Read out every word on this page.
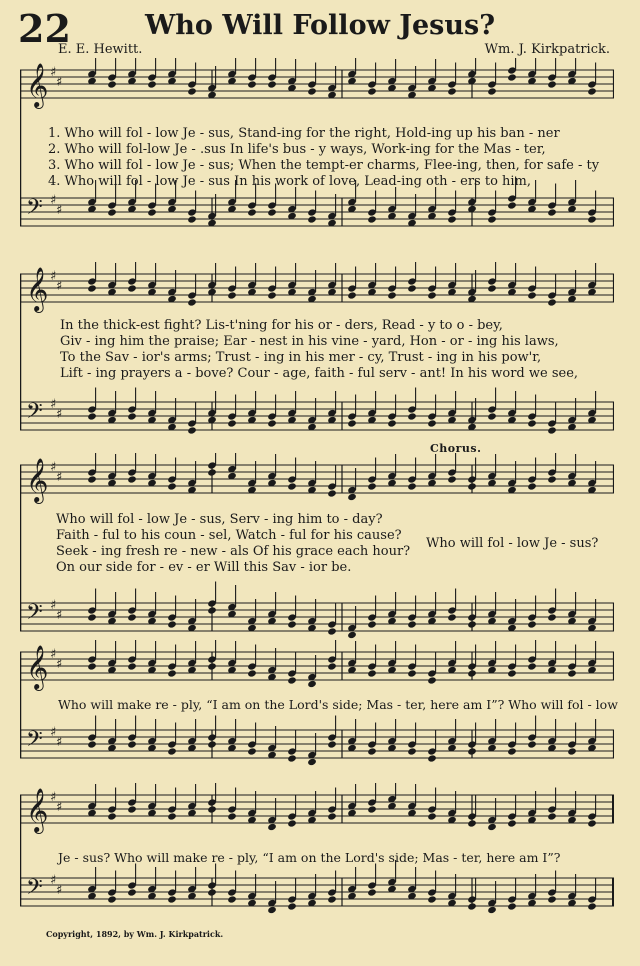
22	Who Will Follow Jesus?
E. E. Hewitt.	Wm. J. Kirkpatrick.
𝄞 ♯
♯
𝄢 ♯
♯
1. Who will fol - low Je - sus, Stand-ing for the right, Hold-ing up his ban - ner
2. Who will fol-low Je - .sus In life's bus - y ways, Work-ing for the Mas - ter,
3. Who will fol - low Je - sus; When the tempt-er charms, Flee-ing, then, for safe - ty
4. Who will fol - low Je - sus In his work of love, Lead-ing oth - ers to him,
𝄞 ♯
♯
𝄢 ♯
♯
In the thick-est fight? Lis-t'ning for his or - ders, Read - y to o - bey,
Giv - ing him the praise; Ear - nest in his vine - yard, Hon - or - ing his laws,
To the Sav - ior's arms; Trust - ing in his mer - cy, Trust - ing in his pow'r,
Lift - ing prayers a - bove? Cour - age, faith - ful serv - ant! In his word we see,
𝄞 ♯
♯
𝄢 ♯
♯
Chorus.
Who will fol - low Je - sus, Serv - ing him to - day?
Faith - ful to his coun - sel, Watch - ful for his cause?
Seek - ing fresh re - new - als Of his grace each hour?
On our side for - ev - er Will this Sav - ior be.
Who will fol - low Je - sus?
𝄞 ♯
♯
𝄢 ♯
♯
Who will make re - ply, “I am on the Lord's side; Mas - ter, here am I”? Who will fol - low
𝄞 ♯
♯
𝄢 ♯
♯
Je - sus? Who will make re - ply, “I am on the Lord's side; Mas - ter, here am I”?
Copyright, 1892, by Wm. J. Kirkpatrick.
